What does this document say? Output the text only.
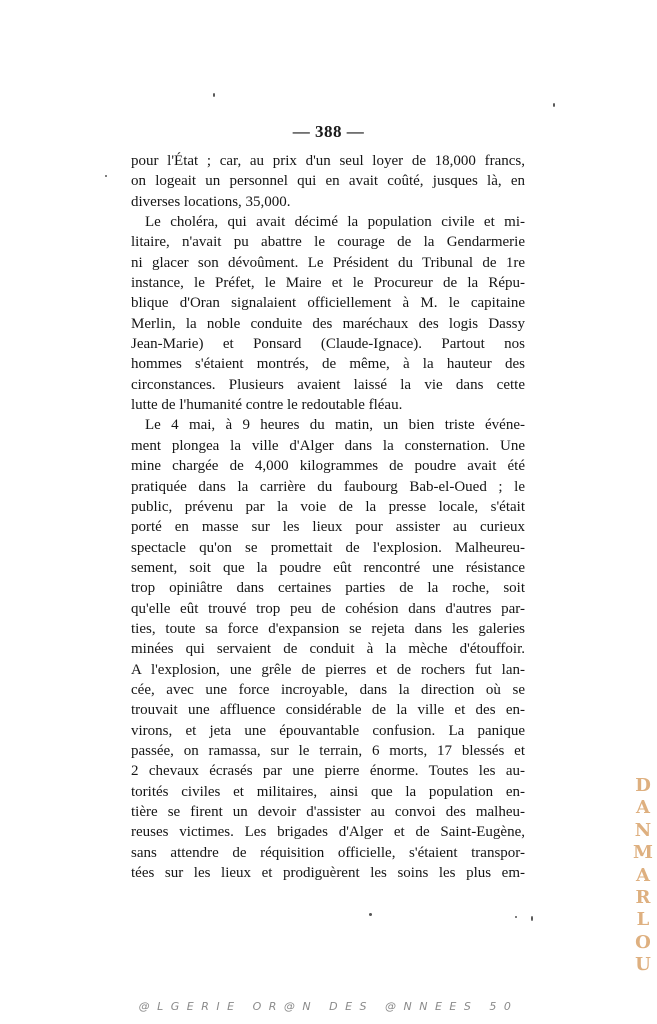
— 388 —
pour l'État ; car, au prix d'un seul loyer de 18,000 francs,
on logeait un personnel qui en avait coûté, jusques là, en
diverses locations, 35,000.
Le choléra, qui avait décimé la population civile et mi-
litaire, n'avait pu abattre le courage de la Gendarmerie
ni glacer son dévoûment. Le Président du Tribunal de 1re
instance, le Préfet, le Maire et le Procureur de la Répu-
blique d'Oran signalaient officiellement à M. le capitaine
Merlin, la noble conduite des maréchaux des logis Dassy
Jean-Marie) et Ponsard (Claude-Ignace). Partout nos
hommes s'étaient montrés, de même, à la hauteur des
circonstances. Plusieurs avaient laissé la vie dans cette
lutte de l'humanité contre le redoutable fléau.
Le 4 mai, à 9 heures du matin, un bien triste événe-
ment plongea la ville d'Alger dans la consternation. Une
mine chargée de 4,000 kilogrammes de poudre avait été
pratiquée dans la carrière du faubourg Bab-el-Oued ; le
public, prévenu par la voie de la presse locale, s'était
porté en masse sur les lieux pour assister au curieux
spectacle qu'on se promettait de l'explosion. Malheureu-
sement, soit que la poudre eût rencontré une résistance
trop opiniâtre dans certaines parties de la roche, soit
qu'elle eût trouvé trop peu de cohésion dans d'autres par-
ties, toute sa force d'expansion se rejeta dans les galeries
minées qui servaient de conduit à la mèche d'étouffoir.
A l'explosion, une grêle de pierres et de rochers fut lan-
cée, avec une force incroyable, dans la direction où se
trouvait une affluence considérable de la ville et des en-
virons, et jeta une épouvantable confusion. La panique
passée, on ramassa, sur le terrain, 6 morts, 17 blessés et
2 chevaux écrasés par une pierre énorme. Toutes les au-
torités civiles et militaires, ainsi que la population en-
tière se firent un devoir d'assister au convoi des malheu-
reuses victimes. Les brigades d'Alger et de Saint-Eugène,
sans attendre de réquisition officielle, s'étaient transpor-
tées sur les lieux et prodiguèrent les soins les plus em-
DANMARLOU
@LGERIE OR@N DES @NNEES 50
